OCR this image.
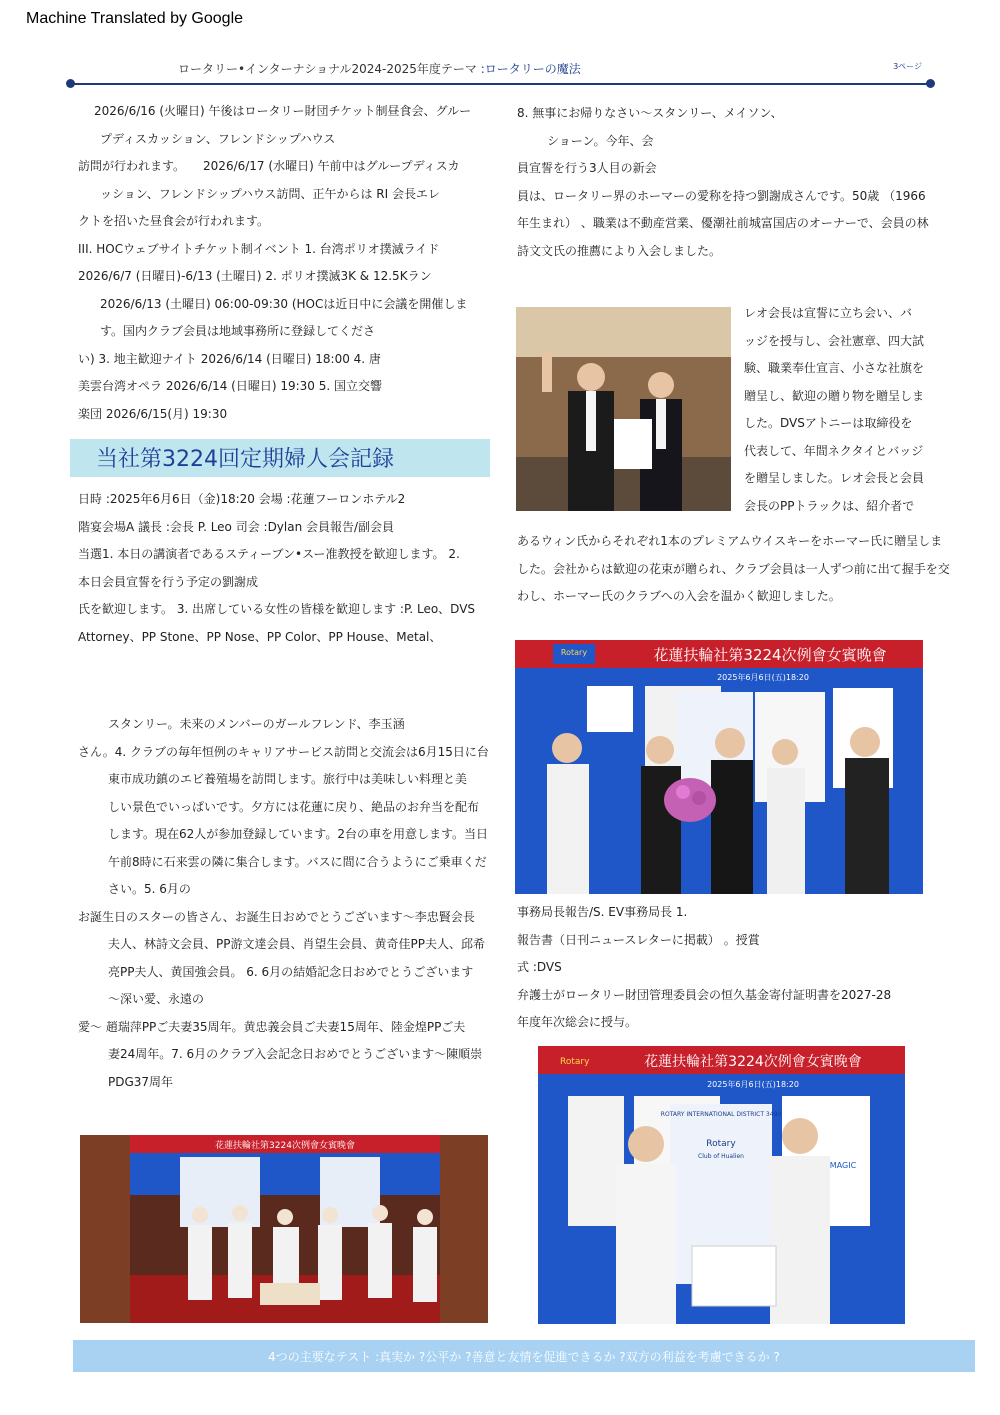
Machine Translated by Google
ロータリー•インターナショナル2024-2025年度テーマ :ロータリーの魔法	3ページ

2026/6/16 (火曜日) 午後はロータリー財団チケット制昼食会、グルー

プディスカッション、フレンドシップハウス

訪問が行われます。　　2026/6/17 (水曜日) 午前中はグループディスカ

ッション、フレンドシップハウス訪問、正午からは RI 会長エレ

クトを招いた昼食会が行われます。

III. HOCウェブサイトチケット制イベント 1. 台湾ポリオ撲滅ライド

2026/6/7 (日曜日)-6/13 (土曜日) 2. ポリオ撲滅3K & 12.5Kラン

2026/6/13 (土曜日) 06:00-09:30 (HOCは近日中に会議を開催しま

す。国内クラブ会員は地域事務所に登録してくださ

い) 3. 地主歓迎ナイト 2026/6/14 (日曜日) 18:00 4. 唐

美雲台湾オペラ 2026/6/14 (日曜日) 19:30 5. 国立交響

楽団 2026/6/15(月) 19:30

当社第3224回定期婦人会記録

日時 :2025年6月6日（金)18:20 会場 :花蓮フーロンホテル2

階宴会場A 議長 :会長 P. Leo 司会 :Dylan 会員報告/副会員

当選1. 本日の講演者であるスティーブン•スー准教授を歓迎します。 2.

本日会員宣誓を行う予定の劉謝成

氏を歓迎します。 3. 出席している女性の皆様を歓迎します :P. Leo、DVS

Attorney、PP Stone、PP Nose、PP Color、PP House、Metal、

スタンリー。未来のメンバーのガールフレンド、李玉涵

さん。4. クラブの毎年恒例のキャリアサービス訪問と交流会は6月15日に台

東市成功鎮のエビ養殖場を訪問します。旅行中は美味しい料理と美

しい景色でいっぱいです。夕方には花蓮に戻り、絶品のお弁当を配布

します。現在62人が参加登録しています。2台の車を用意します。当日

午前8時に石来雲の隣に集合します。バスに間に合うようにご乗車くだ

さい。5. 6月の

お誕生日のスターの皆さん、お誕生日おめでとうございます〜李忠賢会長

夫人、林詩文会員、PP游文達会員、肖望生会員、黄奇佳PP夫人、邱希

亮PP夫人、黄国強会員。 6. 6月の結婚記念日おめでとうございます

〜深い愛、永遠の

愛〜 趙瑞萍PPご夫妻35周年。黄忠義会員ご夫妻15周年、陸金煌PPご夫

妻24周年。7. 6月のクラブ入会記念日おめでとうございます〜陳順崇

PDG37周年

花蓮扶輪社第3224次例會女賓晚會

8. 無事にお帰りなさい〜スタンリー、メイソン、

ショーン。今年、会

員宣誓を行う3人目の新会

員は、ロータリー界のホーマーの愛称を持つ劉謝成さんです。50歳 （1966

年生まれ） 、職業は不動産営業、優潮社前城富国店のオーナーで、会員の林

詩文文氏の推薦により入会しました。

レオ会長は宣誓に立ち会い、バ

ッジを授与し、会社憲章、四大試

験、職業奉仕宣言、小さな社旗を

贈呈し、歓迎の贈り物を贈呈しま

した。DVSアトニーは取締役を

代表して、年間ネクタイとバッジ

を贈呈しました。レオ会長と会員

会長のPPトラックは、紹介者で

あるウィン氏からそれぞれ1本のプレミアムウイスキーをホーマー氏に贈呈しま

した。会社からは歓迎の花束が贈られ、クラブ会員は一人ずつ前に出て握手を交

わし、ホーマー氏のクラブへの入会を温かく歓迎しました。

花蓮扶輪社第3224次例會女賓晚會
2025年6月6日(五)18:20
Rotary

事務局長報告/S. EV事務局長 1.

報告書（日刊ニュースレターに掲載） 。授賞

式 :DVS

弁護士がロータリー財団管理委員会の恒久基金寄付証明書を2027-28

年度年次総会に授与。

花蓮扶輪社第3224次例會女賓晚會
2025年6月6日(五)18:20
Rotary
ROTARY INTERNATIONAL DISTRICT 3490
Rotary
Club of Hualien
MAGIC
4つの主要なテスト :真実か ?公平か ?善意と友情を促進できるか ?双方の利益を考慮できるか ?
